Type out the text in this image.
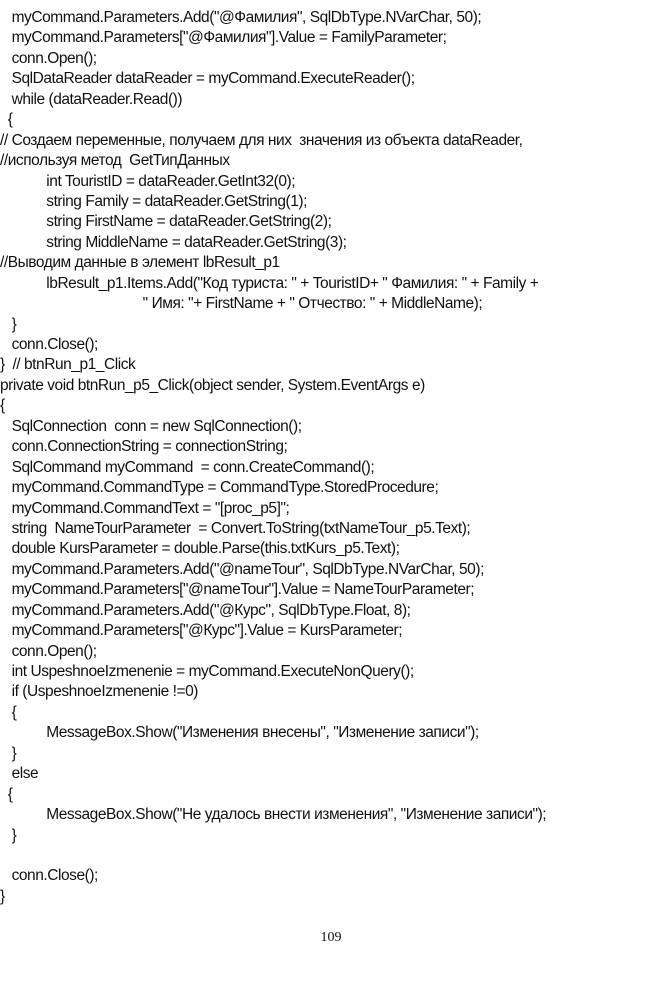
myCommand.Parameters.Add("@Фамилия", SqlDbType.NVarChar, 50);
myCommand.Parameters["@Фамилия"].Value = FamilyParameter;
conn.Open();
SqlDataReader dataReader = myCommand.ExecuteReader();
while (dataReader.Read())
{
// Создаем переменные, получаем для них  значения из объекта dataReader,
//используя метод  GetТипДанных
int TouristID = dataReader.GetInt32(0);
string Family = dataReader.GetString(1);
string FirstName = dataReader.GetString(2);
string MiddleName = dataReader.GetString(3);
//Выводим данные в элемент lbResult_p1
lbResult_p1.Items.Add("Код туриста: " + TouristID+ " Фамилия: " + Family +
" Имя: "+ FirstName + " Отчество: " + MiddleName);
}
conn.Close();
}  // btnRun_p1_Click
private void btnRun_p5_Click(object sender, System.EventArgs e)
{
SqlConnection  conn = new SqlConnection();
conn.ConnectionString = connectionString;
SqlCommand myCommand  = conn.CreateCommand();
myCommand.CommandType = CommandType.StoredProcedure;
myCommand.CommandText = "[proc_p5]";
string  NameTourParameter  = Convert.ToString(txtNameTour_p5.Text);
double KursParameter = double.Parse(this.txtKurs_p5.Text);
myCommand.Parameters.Add("@nameTour", SqlDbType.NVarChar, 50);
myCommand.Parameters["@nameTour"].Value = NameTourParameter;
myCommand.Parameters.Add("@Курс", SqlDbType.Float, 8);
myCommand.Parameters["@Курс"].Value = KursParameter;
conn.Open();
int UspeshnoeIzmenenie = myCommand.ExecuteNonQuery();
if (UspeshnoeIzmenenie !=0)
{
MessageBox.Show("Изменения внесены", "Изменение записи");
}
else
{
MessageBox.Show("Не удалось внести изменения", "Изменение записи");
}
conn.Close();
}
109
